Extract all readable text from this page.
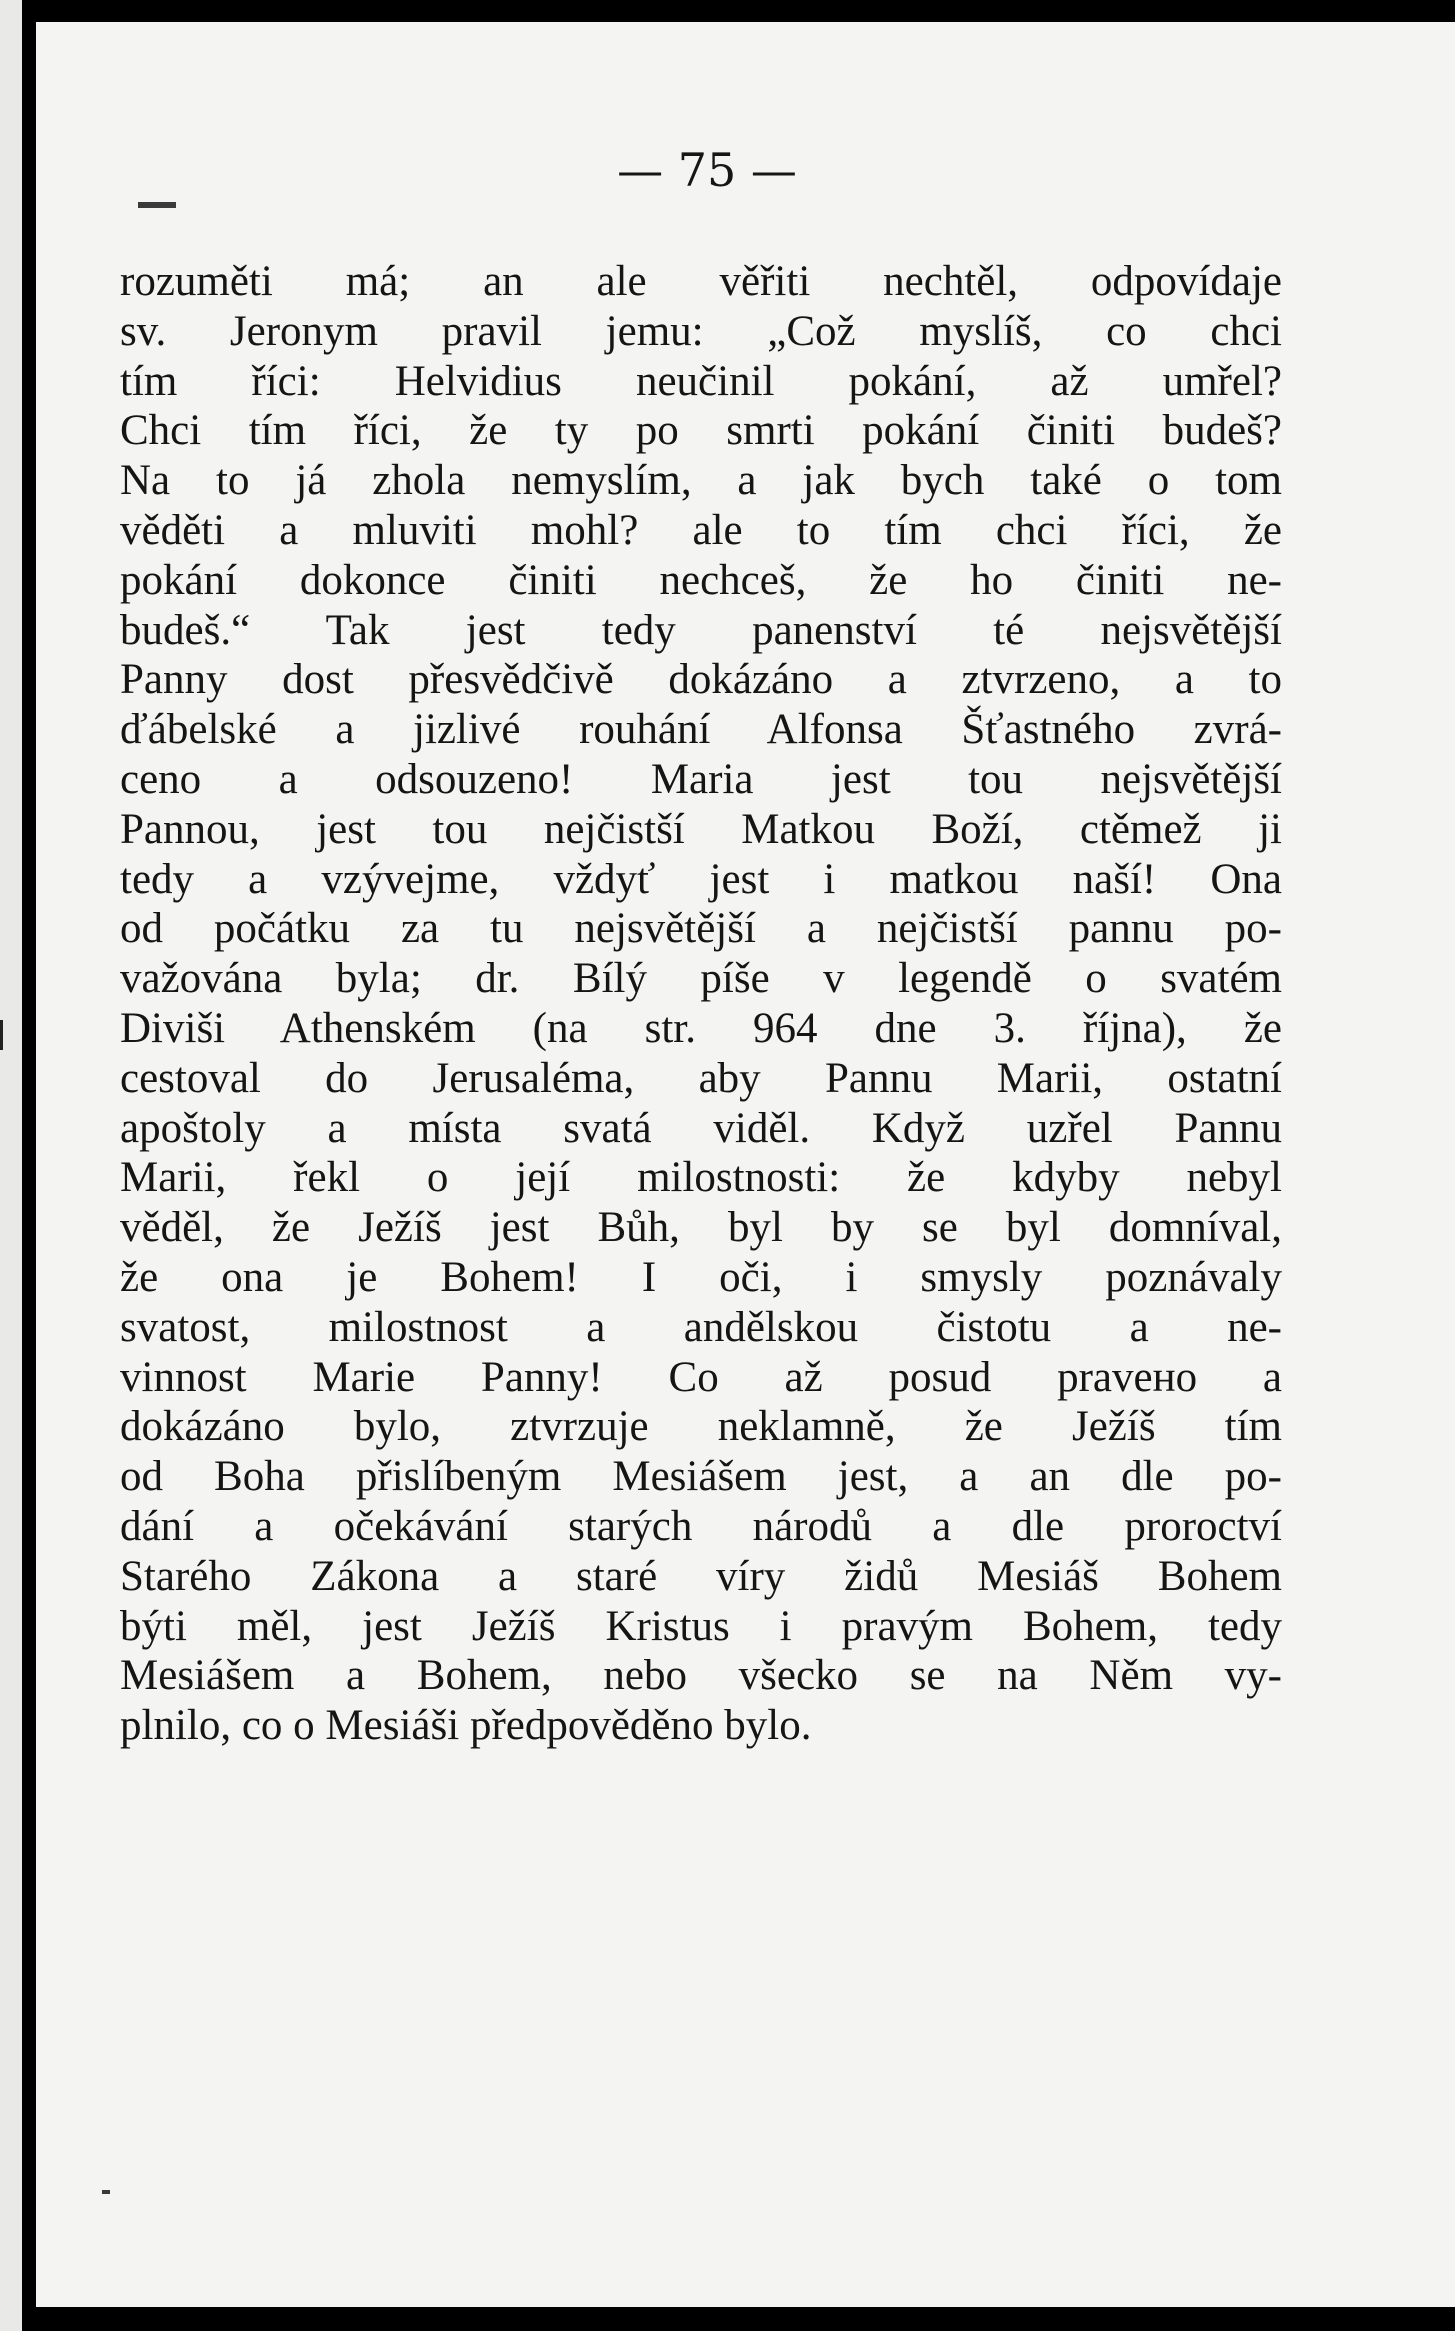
— 75 —

rozuměti má; an ale věřiti nechtěl, odpovídaje
sv. Jeronym pravil jemu: „Což myslíš, co chci
tím říci: Helvidius neučinil pokání, až umřel?
Chci tím říci, že ty po smrti pokání činiti budeš?
Na to já zhola nemyslím, a jak bych také o tom
věděti a mluviti mohl? ale to tím chci říci, že
pokání dokonce činiti nechceš, že ho činiti ne-
budeš.“ Tak jest tedy panenství té nejsvětější
Panny dost přesvědčivě dokázáno a ztvrzeno, a to
ďábelské a jizlivé rouhání Alfonsa Šťastného zvrá-
ceno a odsouzeno! Maria jest tou nejsvětější
Pannou, jest tou nejčistší Matkou Boží, ctěmež ji
tedy a vzývejme, vždyť jest i matkou naší! Ona
od počátku za tu nejsvětější a nejčistší pannu po-
važována byla; dr. Bílý píše v legendě o svatém
Diviši Athenském (na str. 964 dne 3. října), že
cestoval do Jerusaléma, aby Pannu Marii, ostatní
apoštoly a místa svatá viděl. Když uzřel Pannu
Marii, řekl o její milostnosti: že kdyby nebyl
věděl, že Ježíš jest Bůh, byl by se byl domníval,
že ona je Bohem! I oči, i smysly poznávaly
svatost, milostnost a andělskou čistotu a ne-
vinnost Marie Panny! Co až posud pravено a
dokázáno bylo, ztvrzuje neklamně, že Ježíš tím
od Boha přislíbeným Mesiášem jest, a an dle po-
dání a očekávání starých národů a dle proroctví
Starého Zákona a staré víry židů Mesiáš Bohem
býti měl, jest Ježíš Kristus i pravým Bohem, tedy
Mesiášem a Bohem, nebo všecko se na Něm vy-
plnilo, co o Mesiáši předpověděno bylo.
